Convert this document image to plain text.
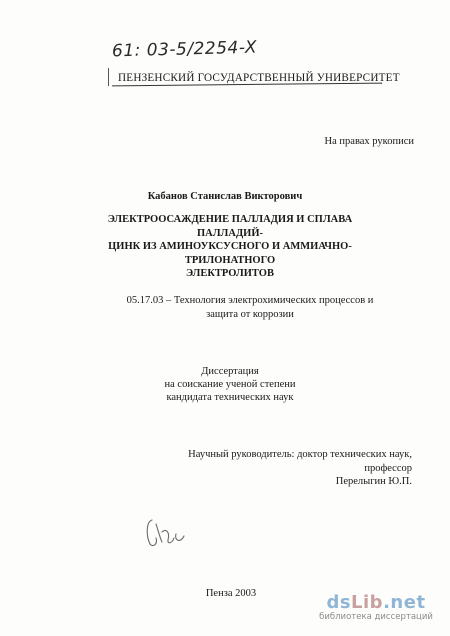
61: 03-5/2254-X
ПЕНЗЕНСКИЙ ГОСУДАРСТВЕННЫЙ УНИВЕРСИТЕТ
На правах рукописи
Кабанов Станислав Викторович
ЭЛЕКТРООСАЖДЕНИЕ ПАЛЛАДИЯ И СПЛАВА ПАЛЛАДИЙ-
ЦИНК ИЗ АМИНОУКСУСНОГО И АММИАЧНО-ТРИЛОНАТНОГО
ЭЛЕКТРОЛИТОВ
05.17.03 – Технология электрохимических процессов и
защита от коррозии
Диссертация
на соискание ученой степени
кандидата технических наук
Научный руководитель: доктор технических наук, профессор
Перелыгин Ю.П.
Пенза 2003	dsLib.net
библиотека диссертаций
